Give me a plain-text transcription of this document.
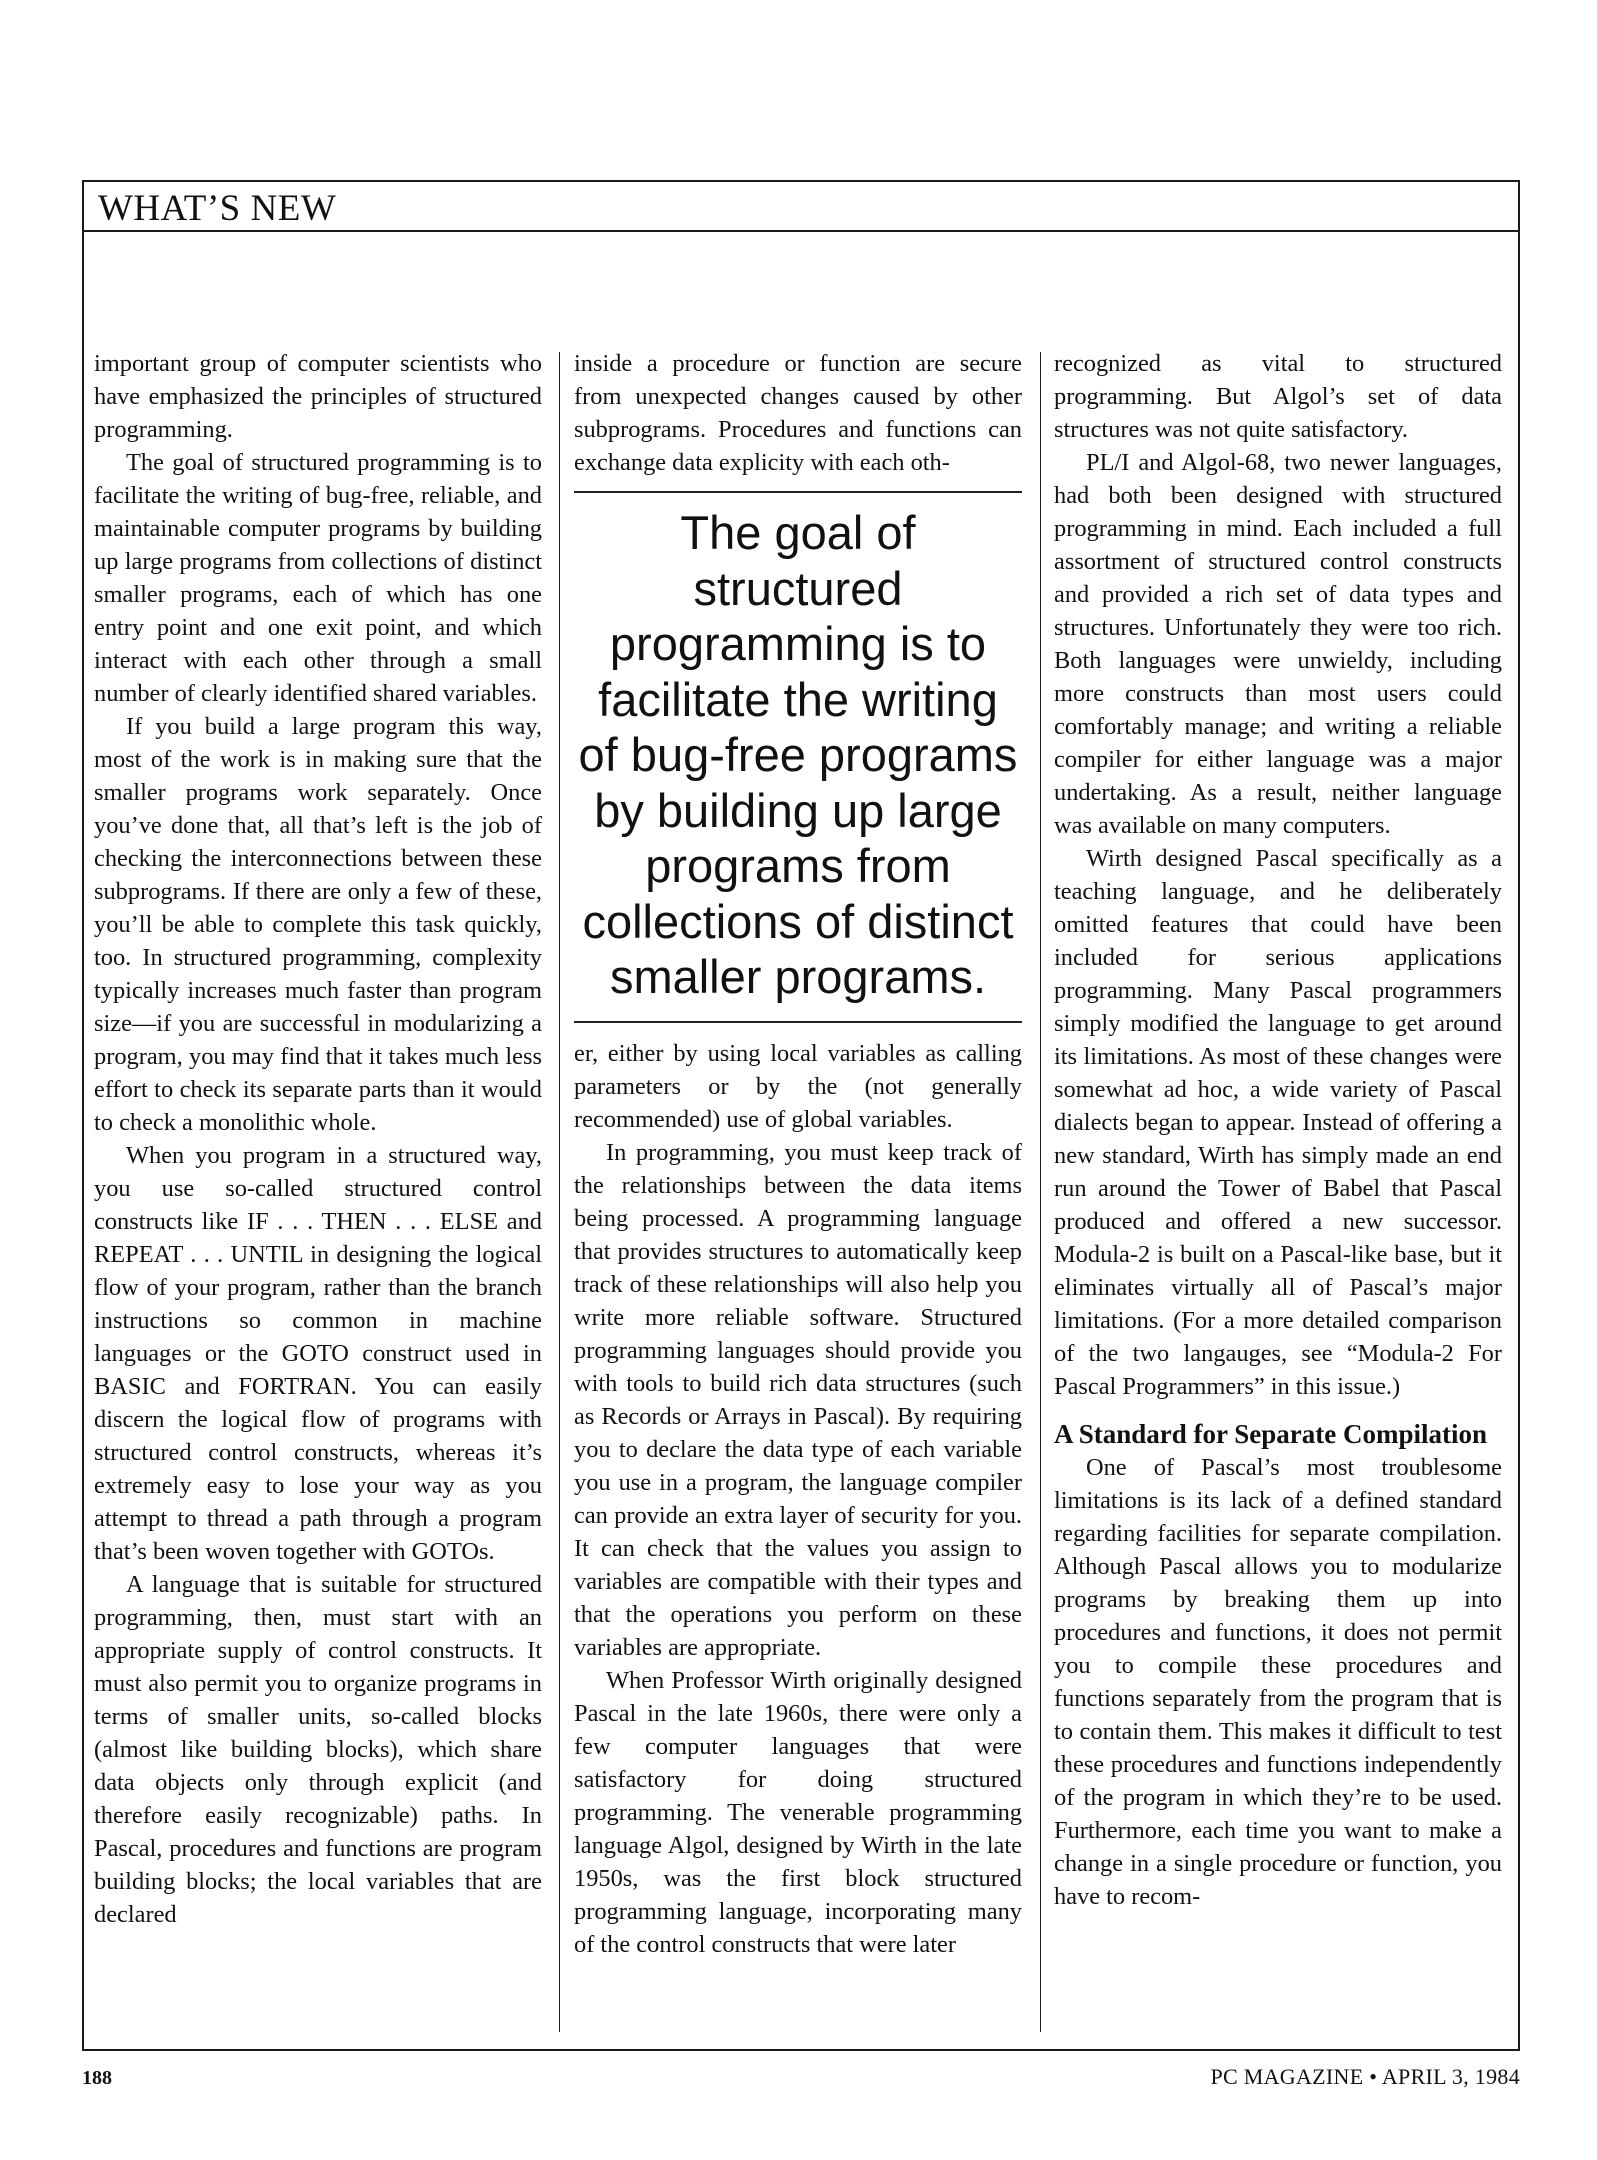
WHAT’S NEW

important group of computer scientists who have emphasized the principles of structured programming.

The goal of structured programming is to facilitate the writing of bug-free, reliable, and maintainable computer programs by building up large programs from collections of distinct smaller programs, each of which has one entry point and one exit point, and which interact with each other through a small number of clearly identified shared variables.

If you build a large program this way, most of the work is in making sure that the smaller programs work separately. Once you’ve done that, all that’s left is the job of checking the interconnections between these subprograms. If there are only a few of these, you’ll be able to complete this task quickly, too. In structured programming, complexity typically increases much faster than program size—if you are successful in modularizing a program, you may find that it takes much less effort to check its separate parts than it would to check a monolithic whole.

When you program in a structured way, you use so-called structured control constructs like IF . . . THEN . . . ELSE and REPEAT . . . UNTIL in designing the logical flow of your program, rather than the branch instructions so common in machine languages or the GOTO construct used in BASIC and FORTRAN. You can easily discern the logical flow of programs with structured control constructs, whereas it’s extremely easy to lose your way as you attempt to thread a path through a program that’s been woven together with GOTOs.

A language that is suitable for structured programming, then, must start with an appropriate supply of control constructs. It must also permit you to organize programs in terms of smaller units, so-called blocks (almost like building blocks), which share data objects only through explicit (and therefore easily recognizable) paths. In Pascal, procedures and functions are program building blocks; the local variables that are declared

inside a procedure or function are secure from unexpected changes caused by other subprograms. Procedures and functions can exchange data explicity with each oth-

The goal of structured programming is to facilitate the writing of bug-free programs by building up large programs from collections of distinct smaller programs.

er, either by using local variables as calling parameters or by the (not generally recommended) use of global variables.

In programming, you must keep track of the relationships between the data items being processed. A programming language that provides structures to automatically keep track of these relationships will also help you write more reliable software. Structured programming languages should provide you with tools to build rich data structures (such as Records or Arrays in Pascal). By requiring you to declare the data type of each variable you use in a program, the language compiler can provide an extra layer of security for you. It can check that the values you assign to variables are compatible with their types and that the operations you perform on these variables are appropriate.

When Professor Wirth originally designed Pascal in the late 1960s, there were only a few computer languages that were satisfactory for doing structured programming. The venerable programming language Algol, designed by Wirth in the late 1950s, was the first block structured programming language, incorporating many of the control constructs that were later

recognized as vital to structured programming. But Algol’s set of data structures was not quite satisfactory.

PL/I and Algol-68, two newer languages, had both been designed with structured programming in mind. Each included a full assortment of structured control constructs and provided a rich set of data types and structures. Unfortunately they were too rich. Both languages were unwieldy, including more constructs than most users could comfortably manage; and writing a reliable compiler for either language was a major undertaking. As a result, neither language was available on many computers.

Wirth designed Pascal specifically as a teaching language, and he deliberately omitted features that could have been included for serious applications programming. Many Pascal programmers simply modified the language to get around its limitations. As most of these changes were somewhat ad hoc, a wide variety of Pascal dialects began to appear. Instead of offering a new standard, Wirth has simply made an end run around the Tower of Babel that Pascal produced and offered a new successor. Modula-2 is built on a Pascal-like base, but it eliminates virtually all of Pascal’s major limitations. (For a more detailed comparison of the two langauges, see “Modula-2 For Pascal Programmers” in this issue.)

A Standard for Separate Compilation

One of Pascal’s most troublesome limitations is its lack of a defined standard regarding facilities for separate compilation. Although Pascal allows you to modularize programs by breaking them up into procedures and functions, it does not permit you to compile these procedures and functions separately from the program that is to contain them. This makes it difficult to test these procedures and functions independently of the program in which they’re to be used. Furthermore, each time you want to make a change in a single procedure or function, you have to recom-

188	PC MAGAZINE • APRIL 3, 1984
